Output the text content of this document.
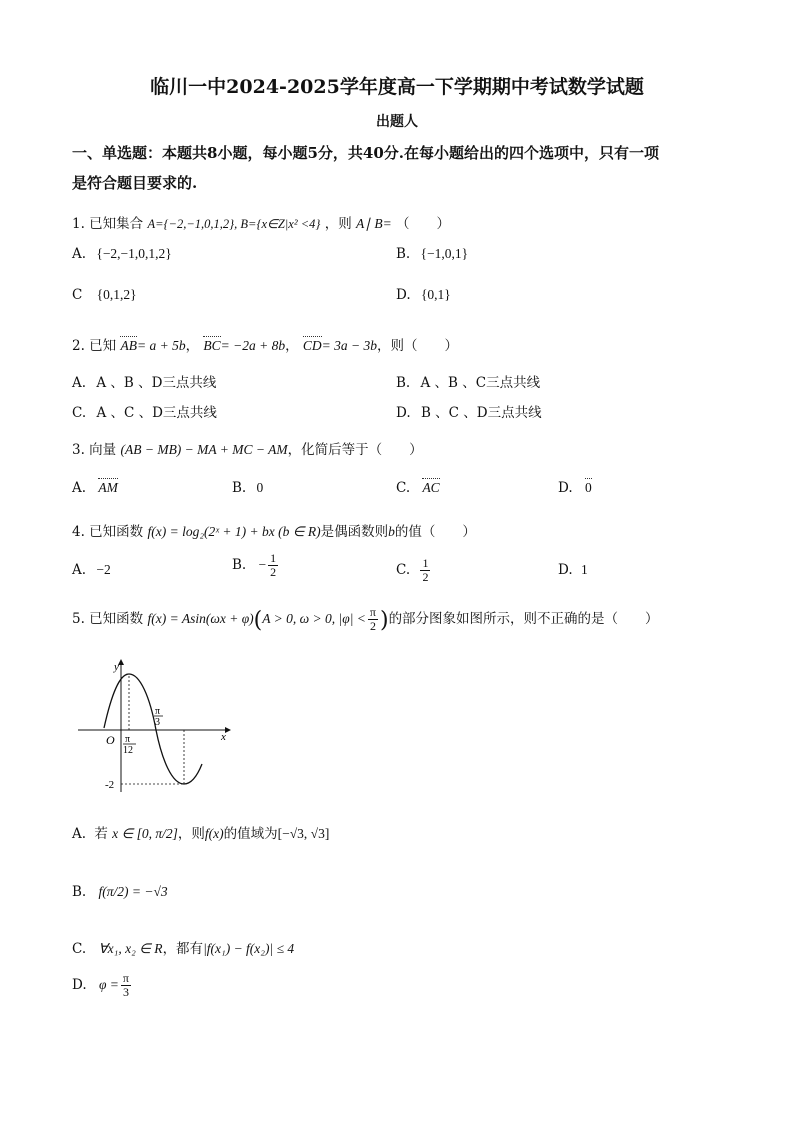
临川一中2024-2025学年度高一下学期期中考试数学试题
出题人
一、单选题：本题共8小题，每小题5分，共40分.在每小题给出的四个选项中，只有一项
是符合题目要求的.
1. 已知集合 A={−2,−1,0,1,2}, B={x∈Z|x² <4} ，则 A∣ B= （　　）
A. {−2,−1,0,1,2}	B. {−1,0,1}
C {0,1,2}	D. {0,1}
2. 已知 AB= a + 5b， BC= −2a + 8b， CD= 3a − 3b，则（　　）
A. A 、B 、D三点共线	B. A 、B 、C三点共线
C. A 、C 、D三点共线	D. B 、C 、D三点共线
3. 向量 (AB − MB) − MA + MC − AM，化简后等于（　　）
A. AM	B. 0	C. AC	D. 0
4. 已知函数 f(x) = log₂(2ˣ + 1) + bx (b ∈ R)是偶函数则b的值（　　）
A. −2	B. − $\frac{1}{2}$	C. $\frac{1}{2}$	D. 1
5. 已知函数 f(x) = Asin(ωx + φ)(A > 0, ω > 0, $|\varphi| < \frac{\pi}{2}$ )的部分图象如图所示，则不正确的是（　　）
y
x
O π
12
π
3
-2
A. 若 x ∈ [0, π/2]，则f(x)的值域为[−√3, √3]
B. f(π/2) = −√3
C. ∀x₁, x₂ ∈ R，都有|f(x₁) − f(x₂)| ≤ 4
D. $\varphi = \frac{\pi}{3}$
